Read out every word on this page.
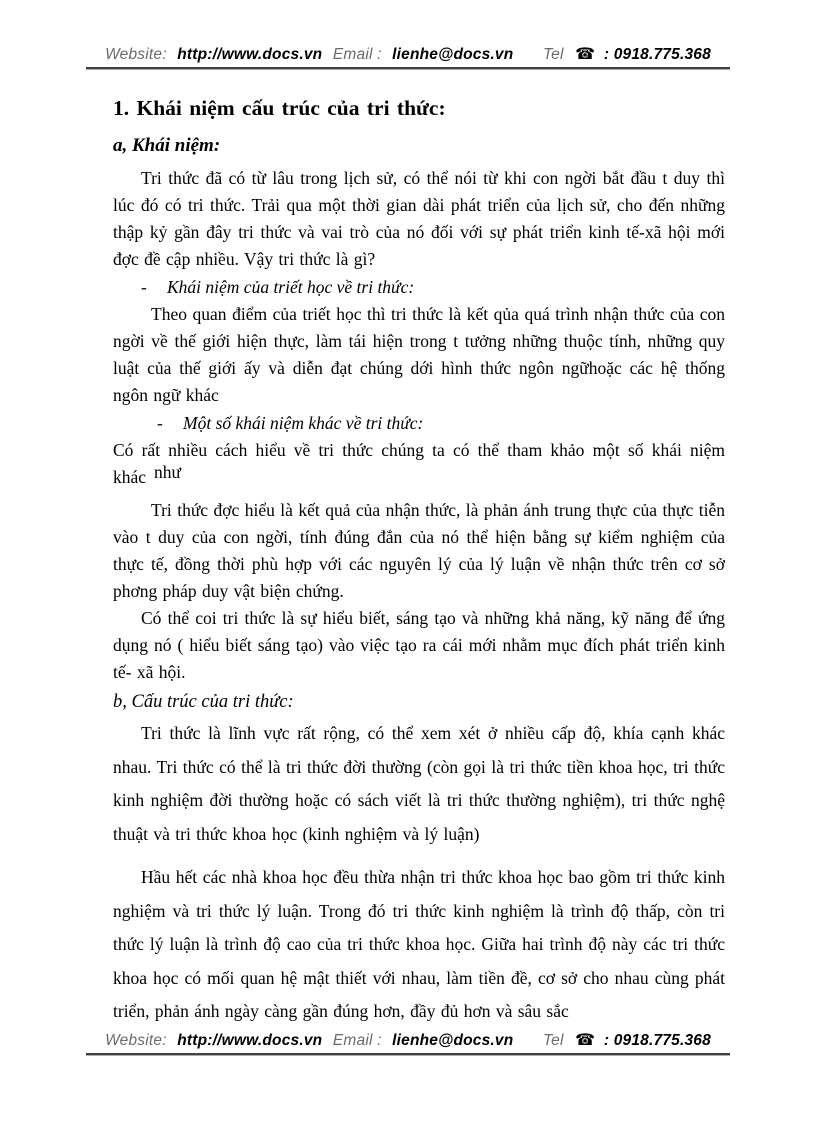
Website: http://www.docs.vn Email : lienhe@docs.vn Tel ☎ : 0918.775.368
1. Khái niệm cấu trúc của tri thức:
a, Khái niệm:

Tri thức đã có từ lâu trong lịch sử, có thể nói từ khi con ngời bắt đầu t duy thì lúc đó có tri thức. Trải qua một thời gian dài phát triển của lịch sử, cho đến những thập kỷ gần đây tri thức và vai trò của nó đối với sự phát triển kinh tế-xã hội mới đợc đề cập nhiều. Vậy tri thức là gì?

- Khái niệm của triết học về tri thức:

Theo quan điểm của triết học thì tri thức là kết qủa quá trình nhận thức của con ngời về thế giới hiện thực, làm tái hiện trong t tưởng những thuộc tính, những quy luật của thế giới ấy và diễn đạt chúng dới hình thức ngôn ngữhoặc các hệ thống ngôn ngữ khác

- Một số khái niệm khác về tri thức:

Có rất nhiều cách hiểu về tri thức chúng ta có thể tham khảo một số khái niệm khác như

Tri thức đợc hiểu là kết quả của nhận thức, là phản ánh trung thực của thực tiễn vào t duy của con ngời, tính đúng đắn của nó thể hiện bằng sự kiểm nghiệm của thực tế, đồng thời phù hợp với các nguyên lý của lý luận về nhận thức trên cơ sở phơng pháp duy vật biện chứng.

Có thể coi tri thức là sự hiểu biết, sáng tạo và những khả năng, kỹ năng để ứng dụng nó ( hiểu biết sáng tạo) vào việc tạo ra cái mới nhằm mục đích phát triển kinh tế- xã hội.

b, Cấu trúc của tri thức:

Tri thức là lĩnh vực rất rộng, có thể xem xét ở nhiều cấp độ, khía cạnh khác nhau. Tri thức có thể là tri thức đời thường (còn gọi là tri thức tiền khoa học, tri thức kinh nghiệm đời thường hoặc có sách viết là tri thức thường nghiệm), tri thức nghệ thuật và tri thức khoa học (kinh nghiệm và lý luận)

Hầu hết các nhà khoa học đều thừa nhận tri thức khoa học bao gồm tri thức kinh nghiệm và tri thức lý luận. Trong đó tri thức kinh nghiệm là trình độ thấp, còn tri thức lý luận là trình độ cao của tri thức khoa học. Giữa hai trình độ này các tri thức khoa học có mối quan hệ mật thiết với nhau, làm tiền đề, cơ sở cho nhau cùng phát triển, phản ánh ngày càng gần đúng hơn, đầy đủ hơn và sâu sắc

Website: http://www.docs.vn Email : lienhe@docs.vn Tel ☎ : 0918.775.368
